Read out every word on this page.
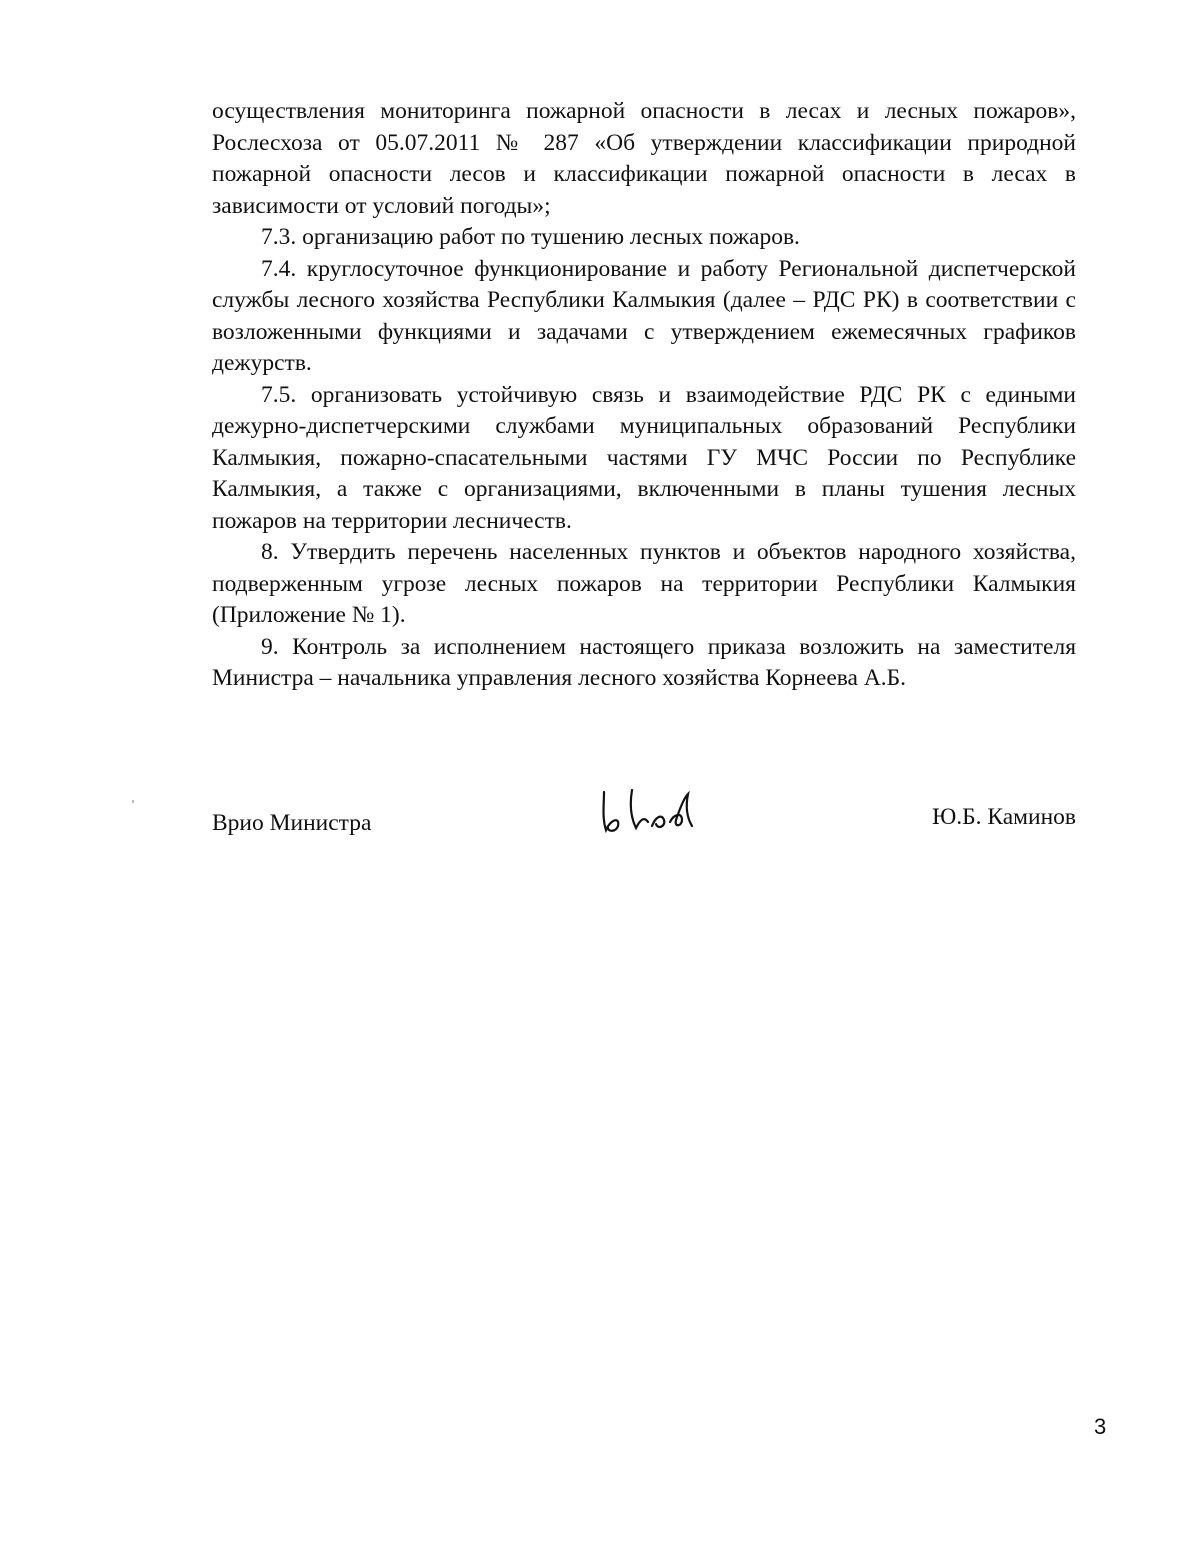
осуществления мониторинга пожарной опасности в лесах и лесных пожаров», Рослесхоза от 05.07.2011 № 287 «Об утверждении классификации природной пожарной опасности лесов и классификации пожарной опасности в лесах в зависимости от условий погоды»;

7.3. организацию работ по тушению лесных пожаров.

7.4. круглосуточное функционирование и работу Региональной диспетчерской службы лесного хозяйства Республики Калмыкия (далее – РДС РК) в соответствии с возложенными функциями и задачами с утверждением ежемесячных графиков дежурств.

7.5. организовать устойчивую связь и взаимодействие РДС РК с едиными дежурно-диспетчерскими службами муниципальных образований Республики Калмыкия, пожарно-спасательными частями ГУ МЧС России по Республике Калмыкия, а также с организациями, включенными в планы тушения лесных пожаров на территории лесничеств.

8. Утвердить перечень населенных пунктов и объектов народного хозяйства, подверженным угрозе лесных пожаров на территории Республики Калмыкия (Приложение № 1).

9. Контроль за исполнением настоящего приказа возложить на заместителя Министра – начальника управления лесного хозяйства Корнеева А.Б.

Врио Министра	Ю.Б. Каминов
3
